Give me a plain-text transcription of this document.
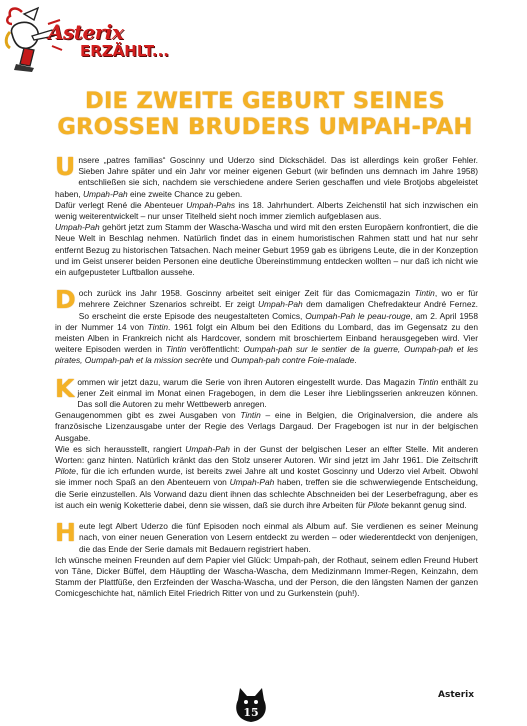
Asterix
ERZÄHLT...
DIE ZWEITE GEBURT SEINES
GROSSEN BRUDERS UMPAH-PAH
U nsere „patres familias“ Goscinny und Uderzo sind Dickschädel. Das ist allerdings kein großer Fehler. Sieben Jahre später und ein Jahr vor meiner eigenen Geburt (wir befinden uns demnach im Jahre 1958) entschließen sie sich, nachdem sie verschiedene andere Serien geschaffen und viele Brotjobs abgeleistet haben, Umpah-Pah eine zweite Chance zu geben.
Dafür verlegt René die Abenteuer Umpah-Pahs ins 18. Jahrhundert. Alberts Zeichenstil hat sich inzwischen ein wenig weiterentwickelt – nur unser Titelheld sieht noch immer ziemlich aufgeblasen aus.
Umpah-Pah gehört jetzt zum Stamm der Wascha-Wascha und wird mit den ersten Europäern konfrontiert, die die Neue Welt in Beschlag nehmen. Natürlich findet das in einem humoristischen Rahmen statt und hat nur sehr entfernt Bezug zu historischen Tatsachen. Nach meiner Geburt 1959 gab es übrigens Leute, die in der Konzeption und im Geist unserer beiden Personen eine deutliche Übereinstimmung entdecken wollten – nur daß ich nicht wie ein aufgepusteter Luftballon aussehe.

D och zurück ins Jahr 1958. Goscinny arbeitet seit einiger Zeit für das Comicmagazin Tintin, wo er für mehrere Zeichner Szenarios schreibt. Er zeigt Umpah-Pah dem damaligen Chefredakteur André Fernez. So erscheint die erste Episode des neugestalteten Comics, Oumpah-Pah le peau-rouge, am 2. April 1958 in der Nummer 14 von Tintin. 1961 folgt ein Album bei den Editions du Lombard, das im Gegensatz zu den meisten Alben in Frankreich nicht als Hardcover, sondern mit broschiertem Einband herausgegeben wird. Vier weitere Episoden werden in Tintin veröffentlicht: Oumpah-pah sur le sentier de la guerre, Oumpah-pah et les pirates, Oumpah-pah et la mission secrète und Oumpah-pah contre Foie-malade.

K ommen wir jetzt dazu, warum die Serie von ihren Autoren eingestellt wurde. Das Magazin Tintin enthält zu jener Zeit einmal im Monat einen Fragebogen, in dem die Leser ihre Lieblingsserien ankreuzen können. Das soll die Autoren zu mehr Wettbewerb anregen.
Genaugenommen gibt es zwei Ausgaben von Tintin – eine in Belgien, die Originalversion, die andere als französische Lizenzausgabe unter der Regie des Verlags Dargaud. Der Fragebogen ist nur in der belgischen Ausgabe.
Wie es sich herausstellt, rangiert Umpah-Pah in der Gunst der belgischen Leser an elfter Stelle. Mit anderen Worten: ganz hinten. Natürlich kränkt das den Stolz unserer Autoren. Wir sind jetzt im Jahr 1961. Die Zeitschrift Pilote, für die ich erfunden wurde, ist bereits zwei Jahre alt und kostet Goscinny und Uderzo viel Arbeit. Obwohl sie immer noch Spaß an den Abenteuern von Umpah-Pah haben, treffen sie die schwerwiegende Entscheidung, die Serie einzustellen. Als Vorwand dazu dient ihnen das schlechte Abschneiden bei der Leserbefragung, aber es ist auch ein wenig Koketterie dabei, denn sie wissen, daß sie durch ihre Arbeiten für Pilote bekannt genug sind.

H eute legt Albert Uderzo die fünf Episoden noch einmal als Album auf. Sie verdienen es seiner Meinung nach, von einer neuen Generation von Lesern entdeckt zu werden – oder wiederentdeckt von denjenigen, die das Ende der Serie damals mit Bedauern registriert haben.
Ich wünsche meinen Freunden auf dem Papier viel Glück: Umpah-pah, der Rothaut, seinem edlen Freund Hubert von Täne, Dicker Büffel, dem Häuptling der Wascha-Wascha, dem Medizinmann Immer-Regen, Keinzahn, dem Stamm der Plattfüße, den Erzfeinden der Wascha-Wascha, und der Person, die den längsten Namen der ganzen Comicgeschichte hat, nämlich Eitel Friedrich Ritter von und zu Gurkenstein (puh!).

15
Asterix
